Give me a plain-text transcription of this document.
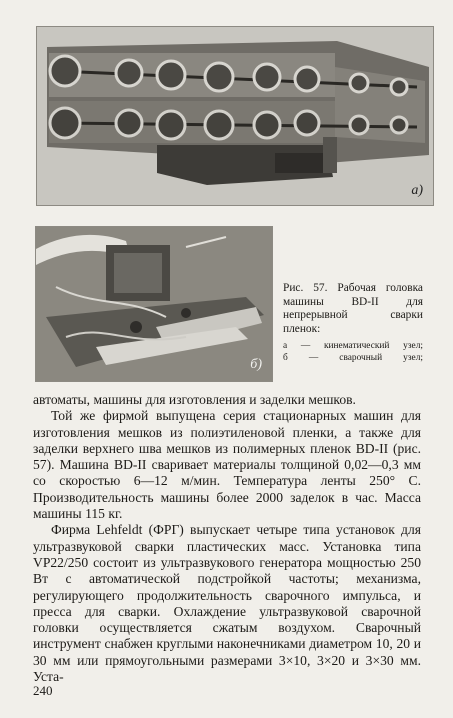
а)
б)
Рис. 57. Рабочая головка машины BD-II для непрерывной сварки пленок:
а — кинематический узел;
б — сварочный узел;

автоматы, машины для изготовления и заделки мешков.

Той же фирмой выпущена серия стационарных машин для изготовления мешков из полиэтиленовой пленки, а также для заделки верхнего шва мешков из полимерных пленок BD-II (рис. 57). Машина BD-II сваривает материалы толщиной 0,02—0,3 мм со скоростью 6—12 м/мин. Температура ленты 250° С. Производительность машины более 2000 заделок в час. Масса машины 115 кг.

Фирма Lehfeldt (ФРГ) выпускает четыре типа установок для ультразвуковой сварки пластических масс. Установка типа VP22/250 состоит из ультразвукового генератора мощностью 250 Вт с автоматической подстройкой частоты; механизма, регулирующего продолжительность сварочного импульса, и пресса для сварки. Охлаждение ультразвуковой сварочной головки осуществляется сжатым воздухом. Сварочный инструмент снабжен круглыми наконечниками диаметром 10, 20 и 30 мм или прямоугольными размерами 3×10, 3×20 и 3×30 мм. Уста-

240
